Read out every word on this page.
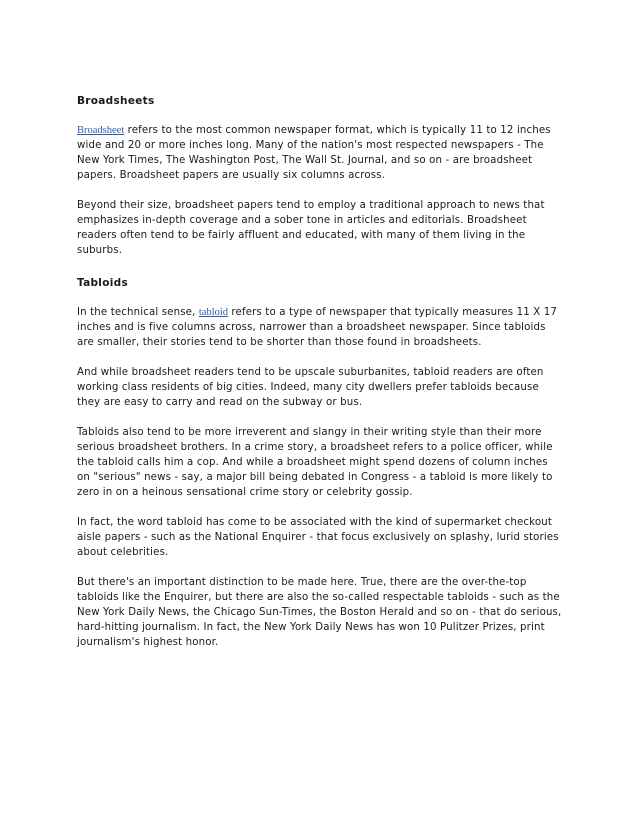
Broadsheets

Broadsheet refers to the most common newspaper format, which is typically 11 to 12 inches wide and 20 or more inches long. Many of the nation's most respected newspapers - The New York Times, The Washington Post, The Wall St. Journal, and so on - are broadsheet papers. Broadsheet papers are usually six columns across.

Beyond their size, broadsheet papers tend to employ a traditional approach to news that emphasizes in-depth coverage and a sober tone in articles and editorials. Broadsheet readers often tend to be fairly affluent and educated, with many of them living in the suburbs.

Tabloids

In the technical sense, tabloid refers to a type of newspaper that typically measures 11 X 17 inches and is five columns across, narrower than a broadsheet newspaper. Since tabloids are smaller, their stories tend to be shorter than those found in broadsheets.

And while broadsheet readers tend to be upscale suburbanites, tabloid readers are often working class residents of big cities. Indeed, many city dwellers prefer tabloids because they are easy to carry and read on the subway or bus.

Tabloids also tend to be more irreverent and slangy in their writing style than their more serious broadsheet brothers. In a crime story, a broadsheet refers to a police officer, while the tabloid calls him a cop. And while a broadsheet might spend dozens of column inches on "serious" news - say, a major bill being debated in Congress - a tabloid is more likely to zero in on a heinous sensational crime story or celebrity gossip.

In fact, the word tabloid has come to be associated with the kind of supermarket checkout aisle papers - such as the National Enquirer - that focus exclusively on splashy, lurid stories about celebrities.

But there's an important distinction to be made here. True, there are the over-the-top tabloids like the Enquirer, but there are also the so-called respectable tabloids - such as the New York Daily News, the Chicago Sun-Times, the Boston Herald and so on - that do serious, hard-hitting journalism. In fact, the New York Daily News has won 10 Pulitzer Prizes, print journalism's highest honor.
